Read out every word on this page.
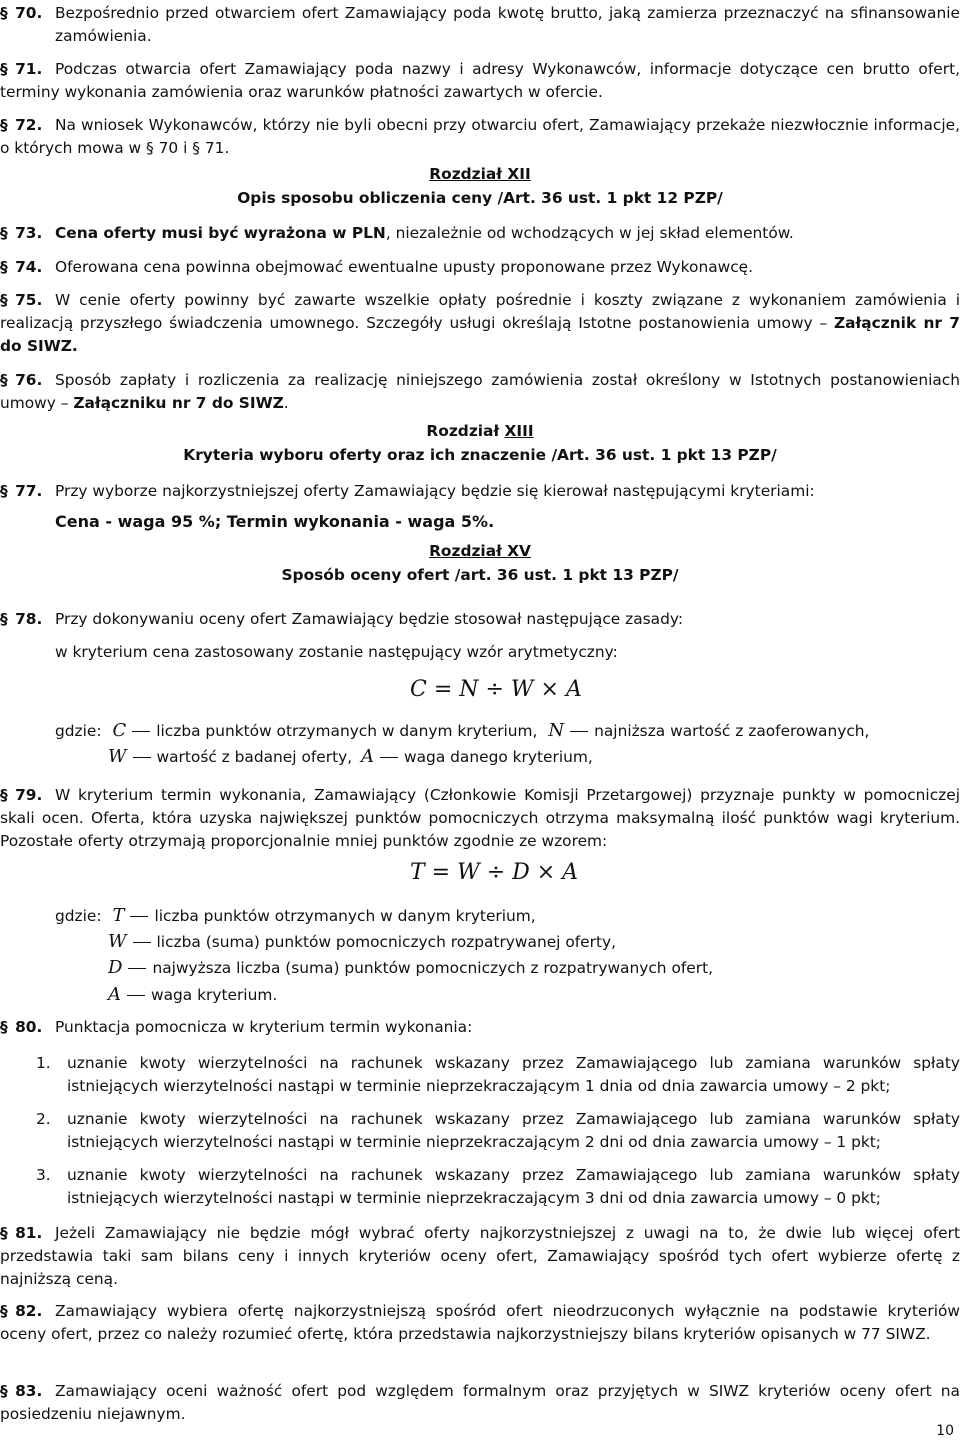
§ 70. Bezpośrednio przed otwarciem ofert Zamawiający poda kwotę brutto, jaką zamierza przeznaczyć na sfinansowanie zamówienia.
§ 71. Podczas otwarcia ofert Zamawiający poda nazwy i adresy Wykonawców, informacje dotyczące cen brutto ofert, terminy wykonania zamówienia oraz warunków płatności zawartych w ofercie.
§ 72. Na wniosek Wykonawców, którzy nie byli obecni przy otwarciu ofert, Zamawiający przekaże niezwłocznie informacje, o których mowa w § 70 i § 71.
Rozdział XII
Opis sposobu obliczenia ceny /Art. 36 ust. 1 pkt 12 PZP/
§ 73. Cena oferty musi być wyrażona w PLN, niezależnie od wchodzących w jej skład elementów.
§ 74. Oferowana cena powinna obejmować ewentualne upusty proponowane przez Wykonawcę.
§ 75. W cenie oferty powinny być zawarte wszelkie opłaty pośrednie i koszty związane z wykonaniem zamówienia i realizacją przyszłego świadczenia umownego. Szczegóły usługi określają Istotne postanowienia umowy – Załącznik nr 7 do SIWZ.
§ 76. Sposób zapłaty i rozliczenia za realizację niniejszego zamówienia został określony w Istotnych postanowieniach umowy – Załączniku nr 7 do SIWZ.
Rozdział XIII
Kryteria wyboru oferty oraz ich znaczenie /Art. 36 ust. 1 pkt 13 PZP/
§ 77. Przy wyborze najkorzystniejszej oferty Zamawiający będzie się kierował następującymi kryteriami:
Cena - waga 95 %; Termin wykonania - waga 5%.
Rozdział XV
Sposób oceny ofert /art. 36 ust. 1 pkt 13 PZP/
§ 78. Przy dokonywaniu oceny ofert Zamawiający będzie stosował następujące zasady:
w kryterium cena zastosowany zostanie następujący wzór arytmetyczny:
C = N ÷ W × A
gdzie: C liczba punktów otrzymanych w danym kryterium, N najniższa wartość z zaoferowanych,
W wartość z badanej oferty, A waga danego kryterium,
§ 79. W kryterium termin wykonania, Zamawiający (Członkowie Komisji Przetargowej) przyznaje punkty w pomocniczej skali ocen. Oferta, która uzyska największej punktów pomocniczych otrzyma maksymalną ilość punktów wagi kryterium. Pozostałe oferty otrzymają proporcjonalnie mniej punktów zgodnie ze wzorem:
T = W ÷ D × A
gdzie: T liczba punktów otrzymanych w danym kryterium,
W liczba (suma) punktów pomocniczych rozpatrywanej oferty,
D najwyższa liczba (suma) punktów pomocniczych z rozpatrywanych ofert,
A waga kryterium.
§ 80. Punktacja pomocnicza w kryterium termin wykonania:
1. uznanie kwoty wierzytelności na rachunek wskazany przez Zamawiającego lub zamiana warunków spłaty istniejących wierzytelności nastąpi w terminie nieprzekraczającym 1 dnia od dnia zawarcia umowy – 2 pkt;
2. uznanie kwoty wierzytelności na rachunek wskazany przez Zamawiającego lub zamiana warunków spłaty istniejących wierzytelności nastąpi w terminie nieprzekraczającym 2 dni od dnia zawarcia umowy – 1 pkt;
3. uznanie kwoty wierzytelności na rachunek wskazany przez Zamawiającego lub zamiana warunków spłaty istniejących wierzytelności nastąpi w terminie nieprzekraczającym 3 dni od dnia zawarcia umowy – 0 pkt;
§ 81. Jeżeli Zamawiający nie będzie mógł wybrać oferty najkorzystniejszej z uwagi na to, że dwie lub więcej ofert przedstawia taki sam bilans ceny i innych kryteriów oceny ofert, Zamawiający spośród tych ofert wybierze ofertę z najniższą ceną.
§ 82. Zamawiający wybiera ofertę najkorzystniejszą spośród ofert nieodrzuconych wyłącznie na podstawie kryteriów oceny ofert, przez co należy rozumieć ofertę, która przedstawia najkorzystniejszy bilans kryteriów opisanych w 77 SIWZ.
§ 83. Zamawiający oceni ważność ofert pod względem formalnym oraz przyjętych w SIWZ kryteriów oceny ofert na posiedzeniu niejawnym.
10
